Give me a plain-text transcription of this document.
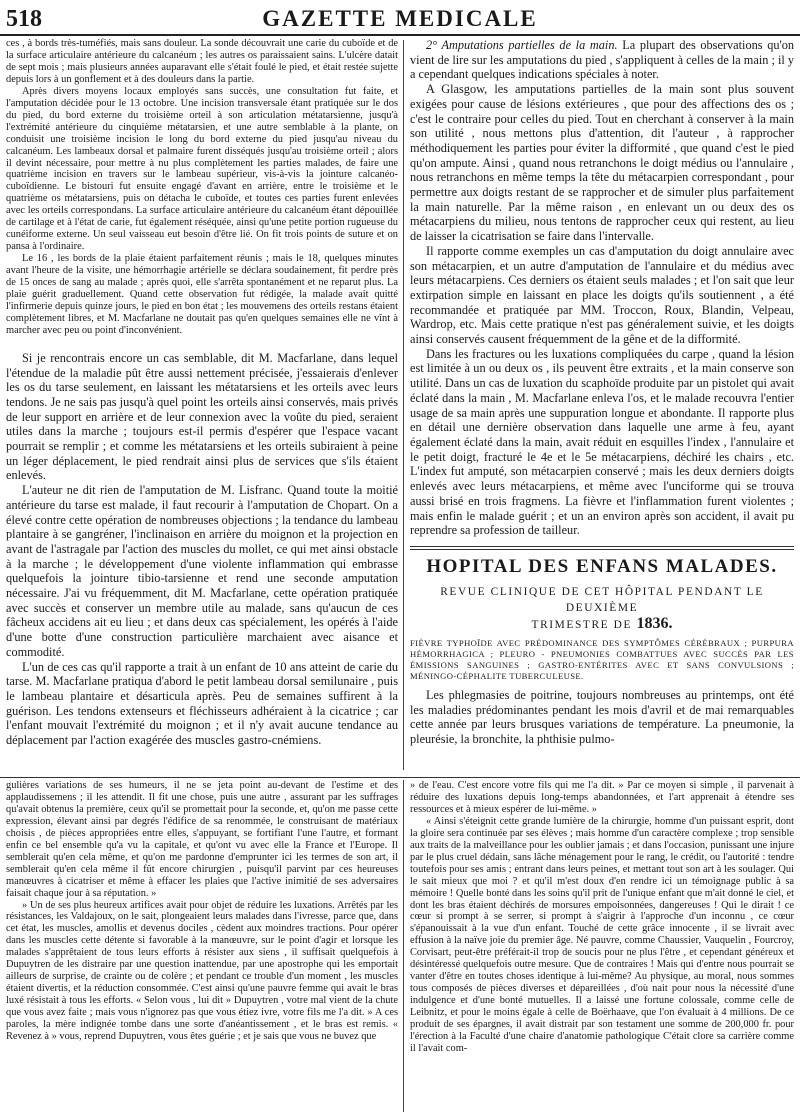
518	GAZETTE MEDICALE

ces , à bords très-tuméfiés, mais sans douleur. La sonde découvrait une carie du cuboïde et de la surface articulaire antérieure du calcanéum ; les autres os paraissaient sains. L'ulcère datait de sept mois ; mais plusieurs années auparavant elle s'était foulé le pied, et était restée sujette depuis lors à un gonflement et à des douleurs dans la partie.

Après divers moyens locaux employés sans succès, une consultation fut faite, et l'amputation décidée pour le 13 octobre. Une incision transversale étant pratiquée sur le dos du pied, du bord externe du troisième orteil à son articulation métatarsienne, jusqu'à l'extrémité antérieure du cinquième métatarsien, et une autre semblable à la plante, on conduisit une troisième incision le long du bord externe du pied jusqu'au niveau du calcanéum. Les lambeaux dorsal et palmaire furent disséqués jusqu'au troisième orteil ; alors il devint nécessaire, pour mettre à nu plus complètement les parties malades, de faire une quatrième incision en travers sur le lambeau supérieur, vis-à-vis la jointure calcanéo-cuboïdienne. Le bistouri fut ensuite engagé d'avant en arrière, entre le troisième et le quatrième os métatarsiens, puis on détacha le cuboïde, et toutes ces parties furent enlevées avec les orteils correspondans. La surface articulaire antérieure du calcanéum étant dépouillée de cartilage et à l'état de carie, fut également réséquée, ainsi qu'une petite portion rugueuse du cunéiforme externe. Un seul vaisseau eut besoin d'être lié. On fit trois points de suture et on pansa à l'ordinaire.

Le 16 , les bords de la plaie étaient parfaitement réunis ; mais le 18, quelques minutes avant l'heure de la visite, une hémorrhagie artérielle se déclara soudainement, fit perdre près de 15 onces de sang au malade ; après quoi, elle s'arrêta spontanément et ne reparut plus. La plaie guérit graduellement. Quand cette observation fut rédigée, la malade avait quitté l'infirmerie depuis quinze jours, le pied en bon état ; les mouvemens des orteils restans étaient complètement libres, et M. Macfarlane ne doutait pas qu'en quelques semaines elle ne vînt à marcher avec peu ou point d'inconvénient.

Si je rencontrais encore un cas semblable, dit M. Macfarlane, dans lequel l'étendue de la maladie pût être aussi nettement précisée, j'essaierais d'enlever les os du tarse seulement, en laissant les métatarsiens et les orteils avec leurs tendons. Je ne sais pas jusqu'à quel point les orteils ainsi conservés, mais privés de leur support en arrière et de leur connexion avec la voûte du pied, seraient utiles dans la marche ; toujours est-il permis d'espérer que l'espace vacant pourrait se remplir ; et comme les métatarsiens et les orteils subiraient à peine un léger déplacement, le pied rendrait ainsi plus de services que s'ils étaient enlevés.

L'auteur ne dit rien de l'amputation de M. Lisfranc. Quand toute la moitié antérieure du tarse est malade, il faut recourir à l'amputation de Chopart. On a élevé contre cette opération de nombreuses objections ; la tendance du lambeau plantaire à se gangréner, l'inclinaison en arrière du moignon et la projection en avant de l'astragale par l'action des muscles du mollet, ce qui met ainsi obstacle à la marche ; le développement d'une violente inflammation qui embrasse quelquefois la jointure tibio-tarsienne et rend une seconde amputation nécessaire. J'ai vu fréquemment, dit M. Macfarlane, cette opération pratiquée avec succès et conserver un membre utile au malade, sans qu'aucun de ces fâcheux accidens ait eu lieu ; et dans deux cas spécialement, les opérés à l'aide d'une botte d'une construction particulière marchaient avec aisance et commodité.

L'un de ces cas qu'il rapporte a trait à un enfant de 10 ans atteint de carie du tarse. M. Macfarlane pratiqua d'abord le petit lambeau dorsal semilunaire , puis le lambeau plantaire et désarticula après. Peu de semaines suffirent à la guérison. Les tendons extenseurs et fléchisseurs adhéraient à la cicatrice ; car l'enfant mouvait l'extrémité du moignon ; et il n'y avait aucune tendance au déplacement par l'action exagérée des muscles gastro-cnémiens.

2° Amputations partielles de la main. La plupart des observations qu'on vient de lire sur les amputations du pied , s'appliquent à celles de la main ; il y a cependant quelques indications spéciales à noter.

A Glasgow, les amputations partielles de la main sont plus souvent exigées pour cause de lésions extérieures , que pour des affections des os ; c'est le contraire pour celles du pied. Tout en cherchant à conserver à la main son utilité , nous mettons plus d'attention, dit l'auteur , à rapprocher méthodiquement les parties pour éviter la difformité , que quand c'est le pied qu'on ampute. Ainsi , quand nous retranchons le doigt médius ou l'annulaire , nous retranchons en même temps la tête du métacarpien correspondant , pour permettre aux doigts restant de se rapprocher et de simuler plus parfaitement la main naturelle. Par la même raison , en enlevant un ou deux des os métacarpiens du milieu, nous tentons de rapprocher ceux qui restent, au lieu de laisser la cicatrisation se faire dans l'intervalle.

Il rapporte comme exemples un cas d'amputation du doigt annulaire avec son métacarpien, et un autre d'amputation de l'annulaire et du médius avec leurs métacarpiens. Ces derniers os étaient seuls malades ; et l'on sait que leur extirpation simple en laissant en place les doigts qu'ils soutiennent , a été recommandée et pratiquée par MM. Troccon, Roux, Blandin, Velpeau, Wardrop, etc. Mais cette pratique n'est pas généralement suivie, et les doigts ainsi conservés causent fréquemment de la gêne et de la difformité.

Dans les fractures ou les luxations compliquées du carpe , quand la lésion est limitée à un ou deux os , ils peuvent être extraits , et la main conserve son utilité. Dans un cas de luxation du scaphoïde produite par un pistolet qui avait éclaté dans la main , M. Macfarlane enleva l'os, et le malade recouvra l'entier usage de sa main après une suppuration longue et abondante. Il rapporte plus en détail une dernière observation dans laquelle une arme à feu, ayant également éclaté dans la main, avait réduit en esquilles l'index , l'annulaire et le petit doigt, fracturé le 4e et le 5e métacarpiens, déchiré les chairs , etc. L'index fut amputé, son métacarpien conservé ; mais les deux derniers doigts enlevés avec leurs métacarpiens, et même avec l'unciforme qui se trouva aussi brisé en trois fragmens. La fièvre et l'inflammation furent violentes ; mais enfin le malade guérit ; et un an environ après son accident, il avait pu reprendre sa profession de tailleur.

HOPITAL DES ENFANS MALADES.
REVUE CLINIQUE DE CET HÔPITAL PENDANT LE DEUXIÈME
TRIMESTRE DE 1836.

FIÈVRE TYPHOÏDE AVEC PRÉDOMINANCE DES SYMPTÔMES CÉRÉBRAUX ; PURPURA HÉMORRHAGICA ; PLEURO - PNEUMONIES COMBATTUES AVEC SUCCÈS PAR LES ÉMISSIONS SANGUINES ; GASTRO-ENTÉRITES AVEC ET SANS CONVULSIONS ; MÉNINGO-CÉPHALITE TUBERCULEUSE.

Les phlegmasies de poitrine, toujours nombreuses au printemps, ont été les maladies prédominantes pendant les mois d'avril et de mai remarquables cette année par leurs brusques variations de température. La pneumonie, la pleurésie, la bronchite, la phthisie pulmo-

gulières variations de ses humeurs, il ne se jeta point au-devant de l'estime et des applaudissemens ; il les attendit. Il fit une chose, puis une autre , assurant par les suffrages qu'avait obtenus la première, ceux qu'il se promettait pour la seconde, et, qu'on me passe cette expression, élevant ainsi par degrés l'édifice de sa renommée, le construisant de matériaux choisis , de pièces appropriées entre elles, s'appuyant, se fortifiant l'une l'autre, et formant enfin ce bel ensemble qu'a vu la capitale, et qu'ont vu avec elle la France et l'Europe. Il semblerait qu'en cela même, et qu'on me pardonne d'emprunter ici les termes de son art, il semblerait qu'en cela même il fût encore chirurgien , puisqu'il parvint par ces heureuses manœuvres à cicatriser et même à effacer les plaies que l'active inimitié de ses adversaires faisait chaque jour à sa réputation. »

» Un de ses plus heureux artifices avait pour objet de réduire les luxations. Arrêtés par les résistances, les Valdajoux, on le sait, plongeaient leurs malades dans l'ivresse, parce que, dans cet état, les muscles, amollis et devenus dociles , cèdent aux moindres tractions. Pour opérer dans les muscles cette détente si favorable à la manœuvre, sur le point d'agir et lorsque les malades s'apprêtaient de tous leurs efforts à résister aux siens , il suffisait quelquefois à Dupuytren de les distraire par une question inattendue, par une apostrophe qui les emportait ailleurs de surprise, de crainte ou de colère ; et pendant ce trouble d'un moment , les muscles étaient divertis, et la réduction consommée. C'est ainsi qu'une pauvre femme qui avait le bras luxé résistait à tous les efforts. « Selon vous , lui dit » Dupuytren , votre mal vient de la chute que vous avez faite ; mais vous n'ignorez pas que vous étiez ivre, votre fils me l'a dit. » A ces paroles, la mère indignée tombe dans une sorte d'anéantissement , et le bras est remis. « Revenez à » vous, reprend Dupuytren, vous êtes guérie ; et je sais que vous ne buvez que

» de l'eau. C'est encore votre fils qui me l'a dit. » Par ce moyen si simple , il parvenait à réduire des luxations depuis long-temps abandonnées, et l'art apprenait à étendre ses ressources et à mieux espérer de lui-même. »

« Ainsi s'éteignit cette grande lumière de la chirurgie, homme d'un puissant esprit, dont la gloire sera continuée par ses élèves ; mais homme d'un caractère complexe ; trop sensible aux traits de la malveillance pour les oublier jamais ; et dans l'occasion, punissant une injure par le plus cruel dédain, sans lâche ménagement pour le rang, le crédit, ou l'autorité : tendre toutefois pour ses amis ; entrant dans leurs peines, et mettant tout son art à les soulager. Qui le sait mieux que moi ? et qu'il m'est doux d'en rendre ici un témoignage public à sa mémoire ! Quelle bonté dans les soins qu'il prit de l'unique enfant que m'ait donné le ciel, et dont les bras étaient déchirés de morsures empoisonnées, dangereuses ! Qui le dirait ! ce cœur si prompt à se serrer, si prompt à s'aigrir à l'approche d'un inconnu , ce cœur s'épanouissait à la vue d'un enfant. Touché de cette grâce innocente , il se livrait avec effusion à la naïve joie du premier âge. Né pauvre, comme Chaussier, Vauquelin , Fourcroy, Corvisart, peut-être préférait-il trop de soucis pour ne plus l'être , et cependant généreux et désintéressé quelquefois outre mesure. Que de contraires ! Mais qui d'entre nous pourrait se vanter d'être en toutes choses identique à lui-même? Au physique, au moral, nous sommes tous composés de pièces diverses et dépareillées , d'où nait pour nous la nécessité d'une indulgence et d'une bonté mutuelles. Il a laissé une fortune colossale, comme celle de Leibnitz, et pour le moins égale à celle de Boërhaave, que l'on évaluait à 4 millions. De ce produit de ses épargnes, il avait distrait par son testament une somme de 200,000 fr. pour l'érection à la Faculté d'une chaire d'anatomie pathologique C'était clore sa carrière comme il l'avait com-
